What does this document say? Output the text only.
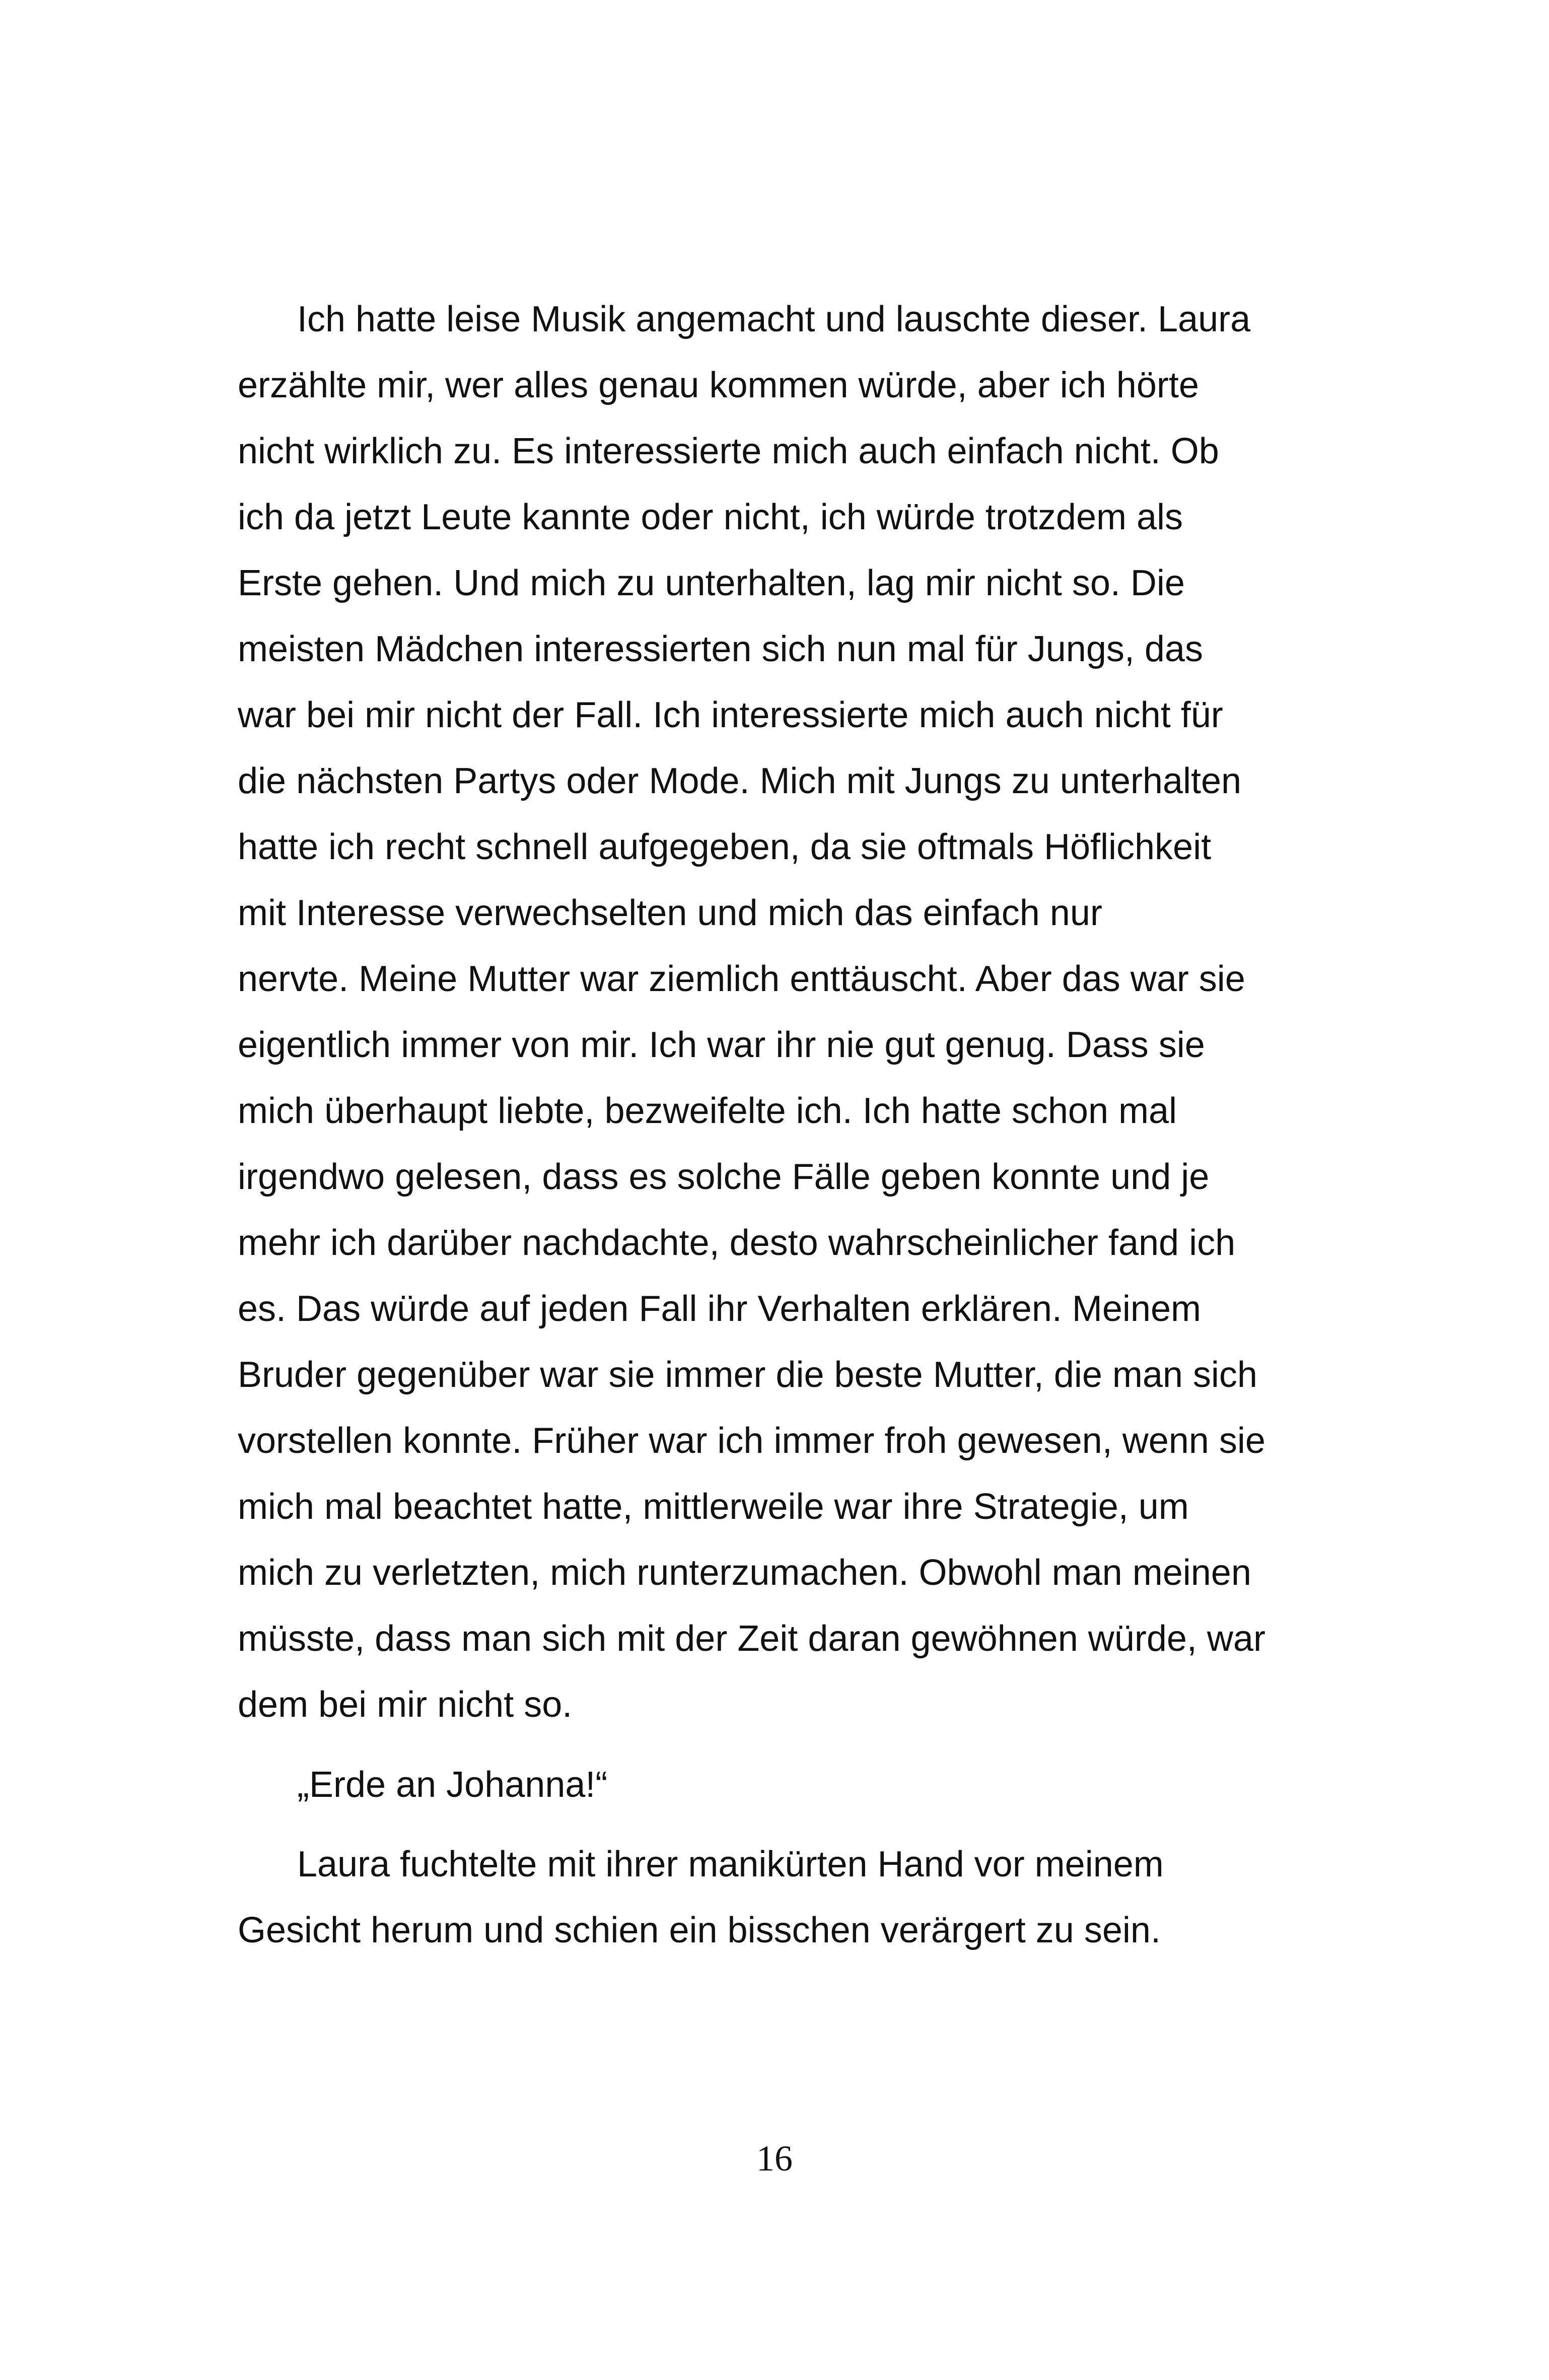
Ich hatte leise Musik angemacht und lauschte dieser. Laura
erzählte mir, wer alles genau kommen würde, aber ich hörte
nicht wirklich zu. Es interessierte mich auch einfach nicht. Ob
ich da jetzt Leute kannte oder nicht, ich würde trotzdem als
Erste gehen. Und mich zu unterhalten, lag mir nicht so. Die
meisten Mädchen interessierten sich nun mal für Jungs, das
war bei mir nicht der Fall. Ich interessierte mich auch nicht für
die nächsten Partys oder Mode. Mich mit Jungs zu unterhalten
hatte ich recht schnell aufgegeben, da sie oftmals Höflichkeit
mit Interesse verwechselten und mich das einfach nur
nervte. Meine Mutter war ziemlich enttäuscht. Aber das war sie
eigentlich immer von mir. Ich war ihr nie gut genug. Dass sie
mich überhaupt liebte, bezweifelte ich. Ich hatte schon mal
irgendwo gelesen, dass es solche Fälle geben konnte und je
mehr ich darüber nachdachte, desto wahrscheinlicher fand ich
es. Das würde auf jeden Fall ihr Verhalten erklären. Meinem
Bruder gegenüber war sie immer die beste Mutter, die man sich
vorstellen konnte. Früher war ich immer froh gewesen, wenn sie
mich mal beachtet hatte, mittlerweile war ihre Strategie, um
mich zu verletzten, mich runterzumachen. Obwohl man meinen
müsste, dass man sich mit der Zeit daran gewöhnen würde, war
dem bei mir nicht so.
„Erde an Johanna!“
Laura fuchtelte mit ihrer manikürten Hand vor meinem
Gesicht herum und schien ein bisschen verärgert zu sein.
16
